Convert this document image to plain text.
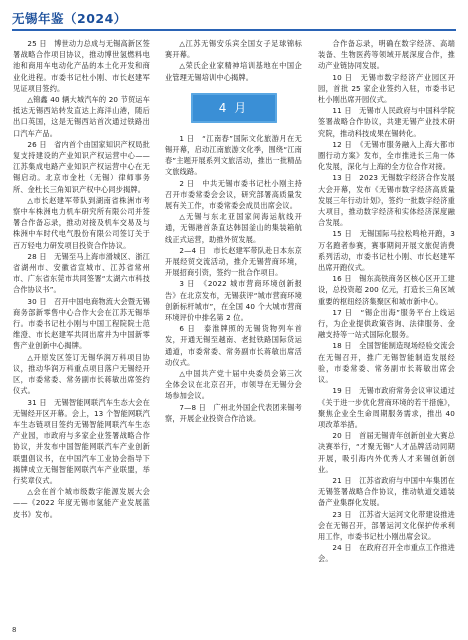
无锡年鉴（2024）

25 日　博世动力总成与无锡高新区签署战略合作项目协议，推动博世氢燃料电池和商用车电动化产品的本土化开发和商业化进程。市委书记杜小刚、市长赵建军见证项目签约。

△锦鑫 40 辆大城汽车的 20 节贸运车抵达无锡西站转发直达上海洋山港，随后出口英国，这是无锡西站首次通过铁路出口汽车产品。

26 日　省内首个由国家知识产权局批复支持建设的产业知识产权运营中心——江苏集成电路产业知识产权运营中心在无锡启动。北京市金杜（无锡）律师事务所、金杜长三角知识产权中心同步揭牌。

△市长赵建军带队到湖南省株洲市考察中车株洲电力机车研究所有限公司并签署合作备忘录，推动对接及机车交易及与株洲中车时代电气股份有限公司签订关于百万轻电力研发项目投资合作协议。

28 日　无锡至马上海市滑城区、浙江省湖州市、安徽省宣城市、江苏省常州市、广东省东莞市共同签署“太湖六市科技合作协议书”。

30 日　召开中国电商物流大会暨无锡商务部新零售中心合作大会在江苏无锡举行。市委书记杜小刚与中国工程院院士范维澄、市长赵建军共同出席并为中国新零售产业创新中心揭牌。

△开原发区签订无锡华润万科项目协议，推动华润万科重点项目落户无锡经开区，市委常委、常务副市长蒋敏出席签约仪式。

31 日　无锡智能网联汽车生态大会在无锡经开区开幕。会上，13 个智能网联汽车生态链项目签约无锡智能网联汽车生态产业园，市政府与多家企业签署战略合作协议，并发布中国智能网联汽车产业创新联盟倡议书，在中国汽车工业协会指导下揭牌成立无锡智能网联汽车产业联盟，举行奖章仪式。

△会在首个城市级数字能源发展大会——《2022 年度无锡市氢能产业发展蓝皮书》发布。

△江苏无锡安乐宾全国女子足球锦标赛开幕。

△荣氏企业家精神培训基地在中国企业管理无锡培训中心揭牌。

4 月

1 日　“江南春”国际文化旅游月在无锡开幕，启动江南旅游文化季，围绕“江南春”主题开展系列文旅活动，推出一批精品文旅线路。

2 日　中共无锡市委书记杜小刚主持召开市委常委会会议，研究部署高质量发展有关工作，市委常委会成员出席会议。

△无锡与东北亚国家间海运航线开通，无锡港首条直达韩国釜山的集装箱航线正式运营，助推外贸发展。

2—4 日　市长赵建军带队赴日本东京开展经贸交流活动，推介无锡营商环境，开展招商引资，签约一批合作项目。

3 日　《2022 城市营商环境创新报告》在北京发布，无锡获评“城市营商环境创新标杆城市”，在全国 40 个大城市营商环境评价中排名第 2 位。

6 日　泰淮牌照的无锡货物列车首发，开通无锡至越南、老挝铁路国际货运通道，市委常委、常务副市长蒋敏出席活动仪式。

△中国共产党十届中央委员会第三次全体会议在北京召开，市领导在无锡分会场参加会议。

7—8 日　广州北外国企代表团来锡考察，开展企业投资合作洽谈。

合作备忘录，明确在数字经济、高端装备、生物医药等领域开展深度合作，推动产业链协同发展。

10 日　无锡市数字经济产业园区开园，首批 25 家企业签约入驻，市委书记杜小刚出席开园仪式。

11 日　无锡市人民政府与中国科学院签署战略合作协议，共建无锡产业技术研究院，推动科技成果在锡转化。

12 日　《无锡市服务融入上海大都市圈行动方案》发布，全市推进长三角一体化发展，深化与上海的全方位合作对接。

13 日　2023 无锡数字经济合作发展大会开幕，发布《无锡市数字经济高质量发展三年行动计划》，签约一批数字经济重大项目，推动数字经济和实体经济深度融合发展。

15 日　无锡国际马拉松鸣枪开跑，3 万名跑者参赛，赛事期间开展文旅促消费系列活动，市委书记杜小刚、市长赵建军出席开跑仪式。

16 日　锡东高铁商务区核心区开工建设，总投资超 200 亿元，打造长三角区域重要的枢纽经济集聚区和城市新中心。

17 日　“锡企出海”服务平台上线运行，为企业提供政策咨询、法律服务、金融支持等一站式国际化服务。

18 日　全国智能制造现场经验交流会在无锡召开，推广无锡智能制造发展经验，市委常委、常务副市长蒋敏出席会议。

19 日　无锡市政府常务会议审议通过《关于进一步优化营商环境的若干措施》，聚焦企业全生命周期服务需求，推出 40 项改革举措。

20 日　首届无锡青年创新创业大赛总决赛举行，“才聚无锡”人才品牌活动同期开展，吸引海内外优秀人才来锡创新创业。

21 日　江苏省政府与中国中车集团在无锡签署战略合作协议，推动轨道交通装备产业集群化发展。

23 日　江苏省大运河文化带建设推进会在无锡召开，部署运河文化保护传承利用工作，市委书记杜小刚出席会议。

24 日　在政府召开全市重点工作推进会。

8
